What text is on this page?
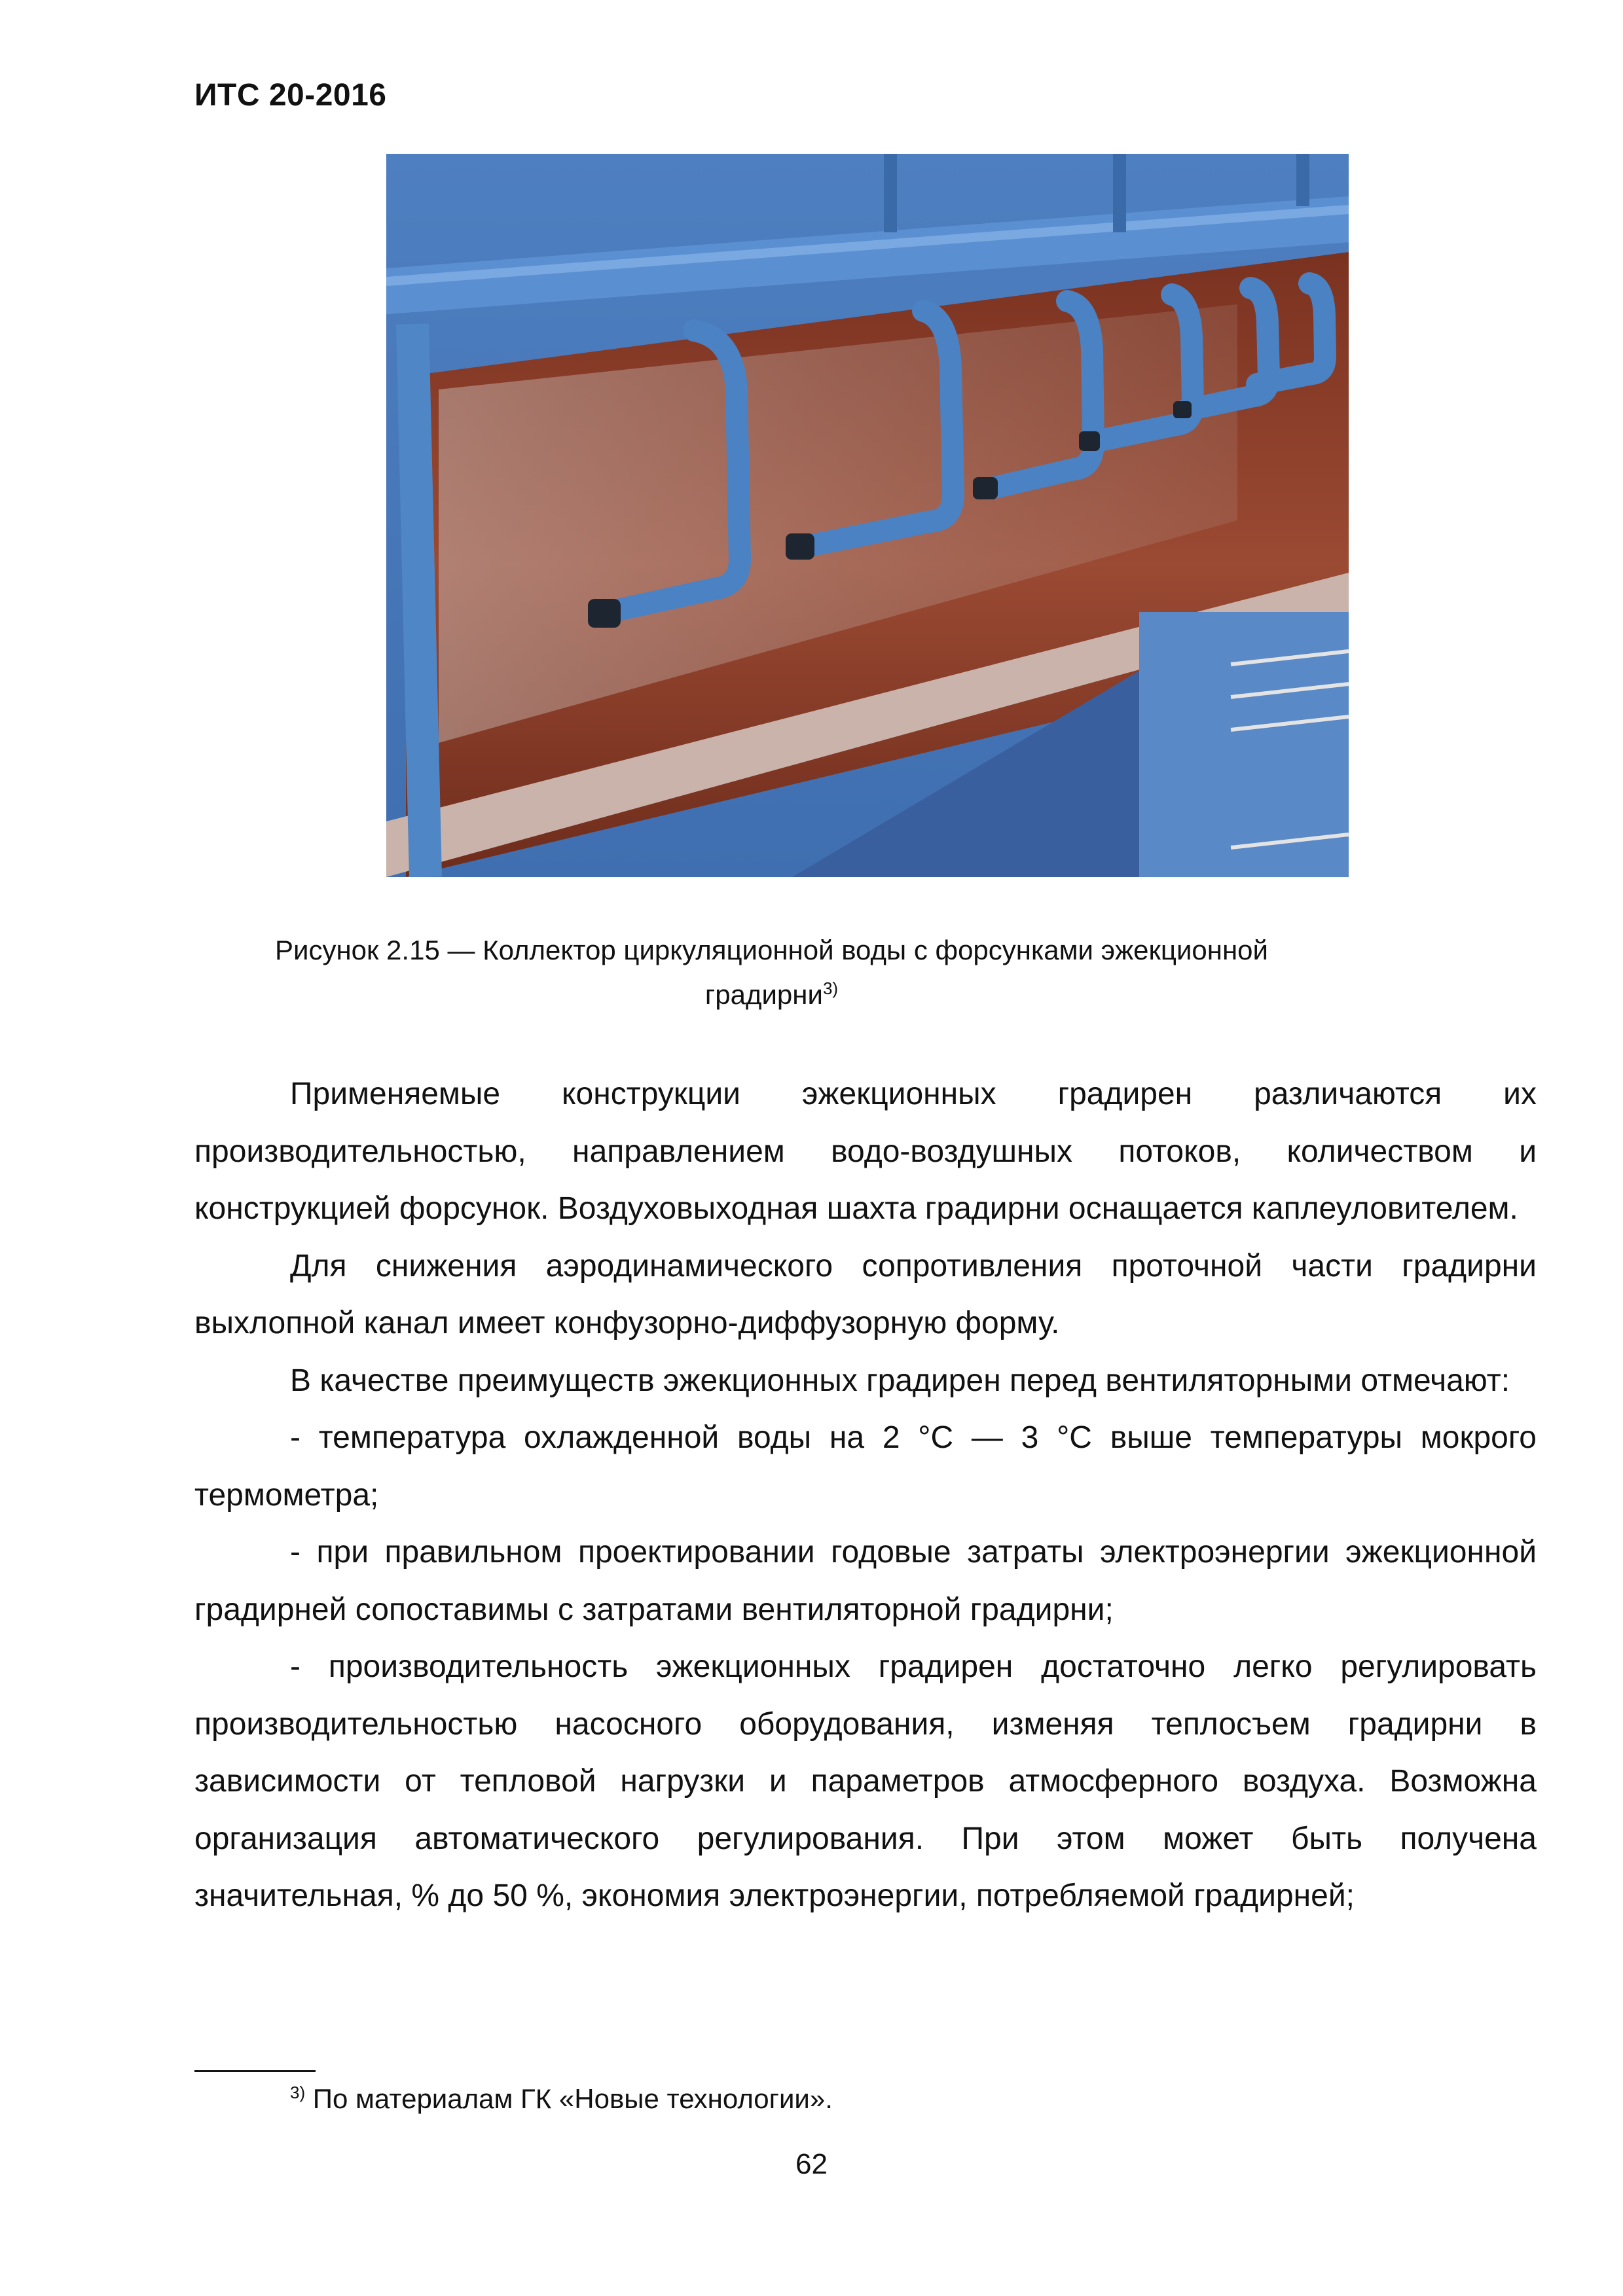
ИТС 20-2016
Рисунок 2.15 — Коллектор циркуляционной воды с форсунками эжекционной
градирни$^{3)}$

Применяемые конструкции эжекционных градирен различаются их производительностью, направлением водо-воздушных потоков, количеством и конструкцией форсунок. Воздуховыходная шахта градирни оснащается каплеуловителем.

Для снижения аэродинамического сопротивления проточной части градирни выхлопной канал имеет конфузорно-диффузорную форму.

В качестве преимуществ эжекционных градирен перед вентиляторными отмечают:

- температура охлажденной воды на 2 °С — 3 °С выше температуры мокрого термометра;

- при правильном проектировании годовые затраты электроэнергии эжекционной градирней сопоставимы с затратами вентиляторной градирни;

- производительность эжекционных градирен достаточно легко регулировать производительностью насосного оборудования, изменяя теплосъем градирни в зависимости от тепловой нагрузки и параметров атмосферного воздуха. Возможна организация автоматического регулирования. При этом может быть получена значительная, % до 50 %, экономия электроэнергии, потребляемой градирней;

$^{3)}$ По материалам ГК «Новые технологии».
62
